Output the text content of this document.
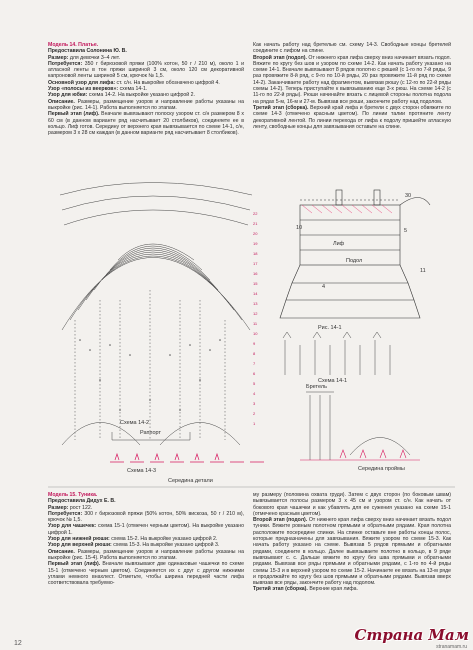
Модель 14. Платье.

Предоставила Солонина Ю. В.

Размер: для девочки 3–4 лет.

Потребуется: 350 г бирюзовой пряжи (100% котон, 50 г / 210 м), около 1 и атласной ленты в тон пряжи шириной 3 см, около 120 см декоративной капроновой ленты шириной 5 см, крючок № 1,5.

Основной узор для лифа: ст. с/н. На выкройке обозначено цифрой 4.

Узор «полосы из веерков»: схема 14-1.

Узор для юбки: схема 14-2. На выкройке указано цифрой 2.

Описание. Размеры, размещение узоров и направление работы указаны на выкройке (рис. 14-1). Работа выполняется по этапам.

Первый этап (лиф). Вначале вывязывают полоску узором ст. с/н размером 8 х 60 см (в данном варианте ряд насчитывает 20 столбиков), соединяете ее в кольцо. Лиф готов. Середину от верхнего края вывязывается по схеме 14-1, с/н, размером 3 х 28 см каждая (в данном варианте ряд насчитывает 8 столбиков).

Как начать работу над бретелью см. схему 14-3. Свободные концы бретелей соедините с лифом на спине.

Второй этап (подол). От нижнего края лифа сверху вниз начинает вязать подол. Вяжите по кругу без шов и узором по схеме 14-2. Как начать работу указано на схеме 14-1. Вначале вывязывают 8 рядов полотно с рюшей (с 1-го по 7-й ряды, 9 раз провяжите 8-й ряд, с 9-го по 10-й ряды, 20 раз провяжите 11-й ряд по схеме 14-2). Заканчиваете работу над фрагментом, вывязав рюшу (с 12-го по 22-й ряды схемы 14-2). Теперь приступайте к вывязыванию еще 3-х рюш. На схеме 14-2 (с 11-го по 22-й ряды). Рюши начинайте вязать с лицевой стороны полотна подола на рядах 5-м, 16-м и 27-м. Вывязав все рюши, закончите работу над подолом.

Третий этап (сборка). Верхний край лифа и бретели с двух сторон обвяжите по схеме 14-3 (отмечено красным цветом). По линии талии протяните ленту декоративной лентой. По линии перехода от лифа к подолу пришейте атласную ленту, свободные концы для завязывания оставьте на спине.

22
21
20
19
18
17
16
15
14
13
12
11
10
9
8
7
6
5
4
3
2
1
Схема 14-2
Раппорт
Схема 14-3
Середина детали
Рис. 14-1
Схема 14-1
Бретель
Середина проймы
Лиф
Подол
30
10
11
5
4

Модель 15. Туника.

Предоставила Дидух Е. В.

Размер: рост 122.

Потребуется: 300 г бирюзовой пряжи (50% котон, 50% вискоза, 50 г / 210 м), крючок № 1,5.

Узор для чашечек: схема 15-1 (отмечен черным цветом). На выкройке указано цифрой 1.

Узор для нижней рюши: схема 15-2. На выкройке указано цифрой 2.

Узор для верхней рюши: схема 15-3. На выкройке указано цифрой 3.

Описание. Размеры, размещение узоров и направление работы указаны на выкройке (рис. 15-4). Работа выполняется по этапам.

Первый этап (лиф). Вначале вывязывают две одинаковые чашечки по схеме 15-1 (отмечено черным цветом). Соединяется их с друг с другом нижними углами немного внахлест. Отметьте, чтобы ширина передней части лифа соответствовала требуемо-

му размеру (половина охвата груди). Затем с двух сторон (по боковым швам) вывязывается полосы размером 3 х 45 см и узором ст. с/н. Как начать от бокового края чашечки и как убавлять для ее сужения указано на схеме 15-1 (отмечено красным цветом).

Второй этап (подол). От нижнего края лифа сверху вниз начинает вязать подол туники. Вяжите ровным полотном прямыми и обратными рядами. Края полотна расположите посередине спинки. На спинке оставьте вне работы концы полос, которые предназначены для завязывания. Вяжите узором по схеме 15-3. Как начать работу указано на схеме. Вывязав 5 рядов прямыми и обратными рядами, соедините в кольцо. Далее вывязываете полотно в кольцо, в 9 ряде вывязывают с. с. Дальше вяжите по кругу без шва прямыми и обратными рядами. Вывязав все ряды прямыми и обратными рядами, с 1-го по 4-й ряды схемы 15-3 и в верхней узором по схеме 15-2. Начинаете ее вязать на 13-м ряде и продолжайте по кругу без шов прямыми и обратными рядами. Вывязав вверх вывязав все ряды, закончите работу над подолом.

Третий этап (сборка). Верхние края лифа.

12	Страна Мам
stranamam.ru
